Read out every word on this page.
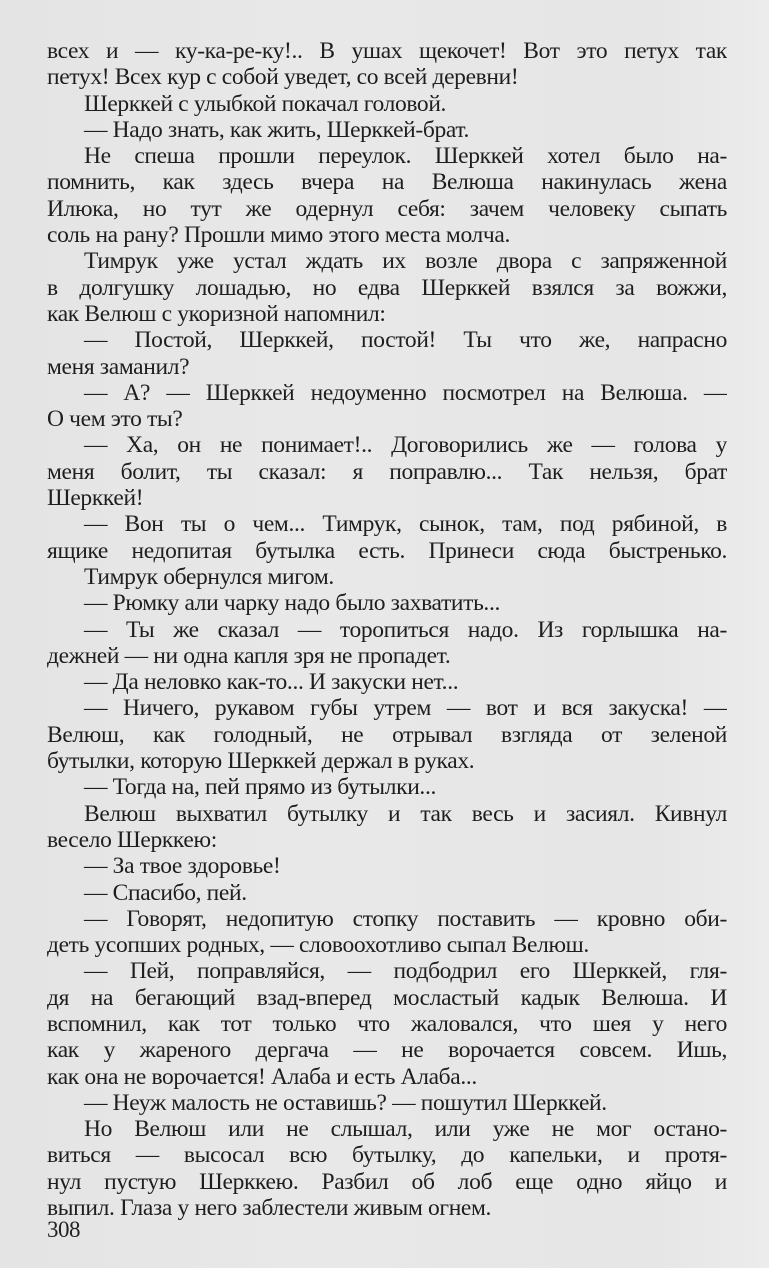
всех и — ку-ка-ре-ку!.. В ушах щекочет! Вот это петух так
петух! Всех кур с собой уведет, со всей деревни!
Шерккей с улыбкой покачал головой.
— Надо знать, как жить, Шерккей-брат.
Не спеша прошли переулок. Шерккей хотел было на-
помнить, как здесь вчера на Велюша накинулась жена
Илюка, но тут же одернул себя: зачем человеку сыпать
соль на рану? Прошли мимо этого места молча.
Тимрук уже устал ждать их возле двора с запряженной
в долгушку лошадью, но едва Шерккей взялся за вожжи,
как Велюш с укоризной напомнил:
— Постой, Шерккей, постой! Ты что же, напрасно
меня заманил?
— А? — Шерккей недоуменно посмотрел на Велюша. —
О чем это ты?
— Ха, он не понимает!.. Договорились же — голова у
меня болит, ты сказал: я поправлю... Так нельзя, брат
Шерккей!
— Вон ты о чем... Тимрук, сынок, там, под рябиной, в
ящике недопитая бутылка есть. Принеси сюда быстренько.
Тимрук обернулся мигом.
— Рюмку али чарку надо было захватить...
— Ты же сказал — торопиться надо. Из горлышка на-
дежней — ни одна капля зря не пропадет.
— Да неловко как-то... И закуски нет...
— Ничего, рукавом губы утрем — вот и вся закуска! —
Велюш, как голодный, не отрывал взгляда от зеленой
бутылки, которую Шерккей держал в руках.
— Тогда на, пей прямо из бутылки...
Велюш выхватил бутылку и так весь и засиял. Кивнул
весело Шерккею:
— За твое здоровье!
— Спасибо, пей.
— Говорят, недопитую стопку поставить — кровно оби-
деть усопших родных, — словоохотливо сыпал Велюш.
— Пей, поправляйся, — подбодрил его Шерккей, гля-
дя на бегающий взад-вперед мосластый кадык Велюша. И
вспомнил, как тот только что жаловался, что шея у него
как у жареного дергача — не ворочается совсем. Ишь,
как она не ворочается! Алаба и есть Алаба...
— Неуж малость не оставишь? — пошутил Шерккей.
Но Велюш или не слышал, или уже не мог остано-
виться — высосал всю бутылку, до капельки, и протя-
нул пустую Шерккею. Разбил об лоб еще одно яйцо и
выпил. Глаза у него заблестели живым огнем.
308
